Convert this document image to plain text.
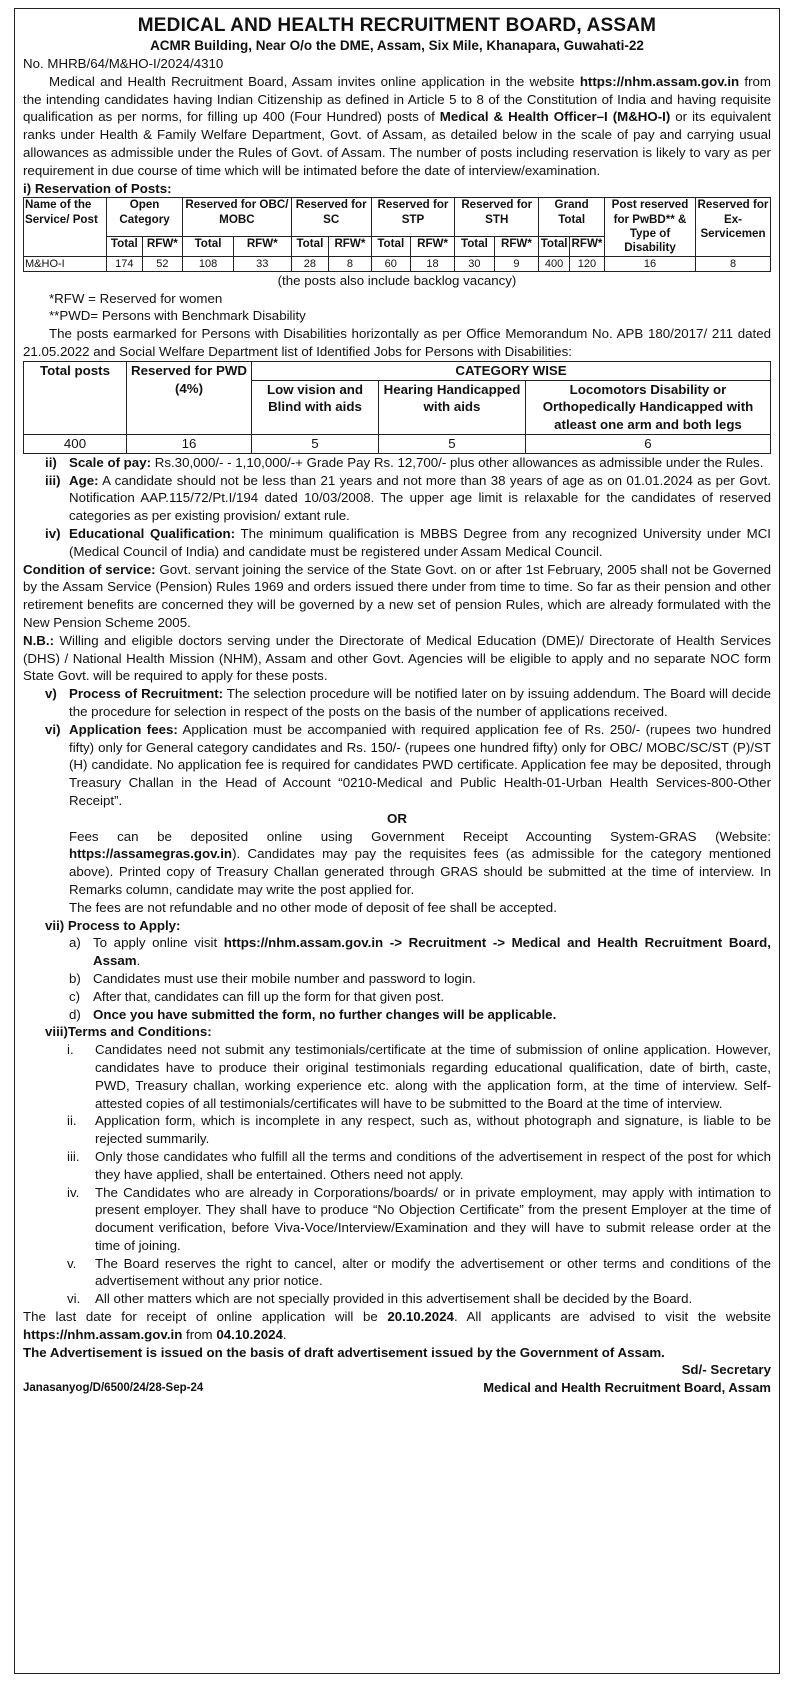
MEDICAL AND HEALTH RECRUITMENT BOARD, ASSAM
ACMR Building, Near O/o the DME, Assam, Six Mile, Khanapara, Guwahati-22

No. MHRB/64/M&HO-I/2024/4310

Medical and Health Recruitment Board, Assam invites online application in the website https://nhm.assam.gov.in from the intending candidates having Indian Citizenship as defined in Article 5 to 8 of the Constitution of India and having requisite qualification as per norms, for filling up 400 (Four Hundred) posts of Medical & Health Officer–I (M&HO-I) or its equivalent ranks under Health & Family Welfare Department, Govt. of Assam, as detailed below in the scale of pay and carrying usual allowances as admissible under the Rules of Govt. of Assam. The number of posts including reservation is likely to vary as per requirement in due course of time which will be intimated before the date of interview/examination.

i) Reservation of Posts:

Name of the Service/ Post	Open Category		Reserved for OBC/ MOBC		Reserved for SC		Reserved for STP		Reserved for STH		Grand Total		Post reserved for PwBD** & Type of Disability	Reserved for Ex-Servicemen
	Total	RFW*	Total	RFW*	Total	RFW*	Total	RFW*	Total	RFW*	Total	RFW*		
M&HO-I	174	52	108	33	28	8	60	18	30	9	400	120	16	8

(the posts also include backlog vacancy)

*RFW = Reserved for women

**PWD= Persons with Benchmark Disability

The posts earmarked for Persons with Disabilities horizontally as per Office Memorandum No. APB 180/2017/ 211 dated 21.05.2022 and Social Welfare Department list of Identified Jobs for Persons with Disabilities:

Total posts	Reserved for PWD (4%)	CATEGORY WISE		
		Low vision and Blind with aids	Hearing Handicapped with aids	Locomotors Disability or Orthopedically Handicapped with atleast one arm and both legs
400	16	5	5	6
ii) Scale of pay: Rs.30,000/- - 1,10,000/-+ Grade Pay Rs. 12,700/- plus other allowances as admissible under the Rules.
iii) Age: A candidate should not be less than 21 years and not more than 38 years of age as on 01.01.2024 as per Govt. Notification AAP.115/72/Pt.I/194 dated 10/03/2008. The upper age limit is relaxable for the candidates of reserved categories as per existing provision/ extant rule.
iv) Educational Qualification: The minimum qualification is MBBS Degree from any recognized University under MCI (Medical Council of India) and candidate must be registered under Assam Medical Council.

Condition of service: Govt. servant joining the service of the State Govt. on or after 1st February, 2005 shall not be Governed by the Assam Service (Pension) Rules 1969 and orders issued there under from time to time. So far as their pension and other retirement benefits are concerned they will be governed by a new set of pension Rules, which are already formulated with the New Pension Scheme 2005.

N.B.: Willing and eligible doctors serving under the Directorate of Medical Education (DME)/ Directorate of Health Services (DHS) / National Health Mission (NHM), Assam and other Govt. Agencies will be eligible to apply and no separate NOC form State Govt. will be required to apply for these posts.

v) Process of Recruitment: The selection procedure will be notified later on by issuing addendum. The Board will decide the procedure for selection in respect of the posts on the basis of the number of applications received.
vi) Application fees: Application must be accompanied with required application fee of Rs. 250/- (rupees two hundred fifty) only for General category candidates and Rs. 150/- (rupees one hundred fifty) only for OBC/ MOBC/SC/ST (P)/ST (H) candidate. No application fee is required for candidates PWD certificate. Application fee may be deposited, through Treasury Challan in the Head of Account “0210-Medical and Public Health-01-Urban Health Services-800-Other Receipt”.

OR

Fees can be deposited online using Government Receipt Accounting System-GRAS (Website: https://assamegras.gov.in). Candidates may pay the requisites fees (as admissible for the category mentioned above). Printed copy of Treasury Challan generated through GRAS should be submitted at the time of interview. In Remarks column, candidate may write the post applied for.

The fees are not refundable and no other mode of deposit of fee shall be accepted.

vii) Process to Apply:

a) To apply online visit https://nhm.assam.gov.in -> Recruitment -> Medical and Health Recruitment Board, Assam.
b) Candidates must use their mobile number and password to login.
c) After that, candidates can fill up the form for that given post.
d) Once you have submitted the form, no further changes will be applicable.

viii)Terms and Conditions:

i.	Candidates need not submit any testimonials/certificate at the time of submission of online application. However, candidates have to produce their original testimonials regarding educational qualification, date of birth, caste, PWD, Treasury challan, working experience etc. along with the application form, at the time of interview. Self-attested copies of all testimonials/certificates will have to be submitted to the Board at the time of interview.
ii.	Application form, which is incomplete in any respect, such as, without photograph and signature, is liable to be rejected summarily.
iii.	Only those candidates who fulfill all the terms and conditions of the advertisement in respect of the post for which they have applied, shall be entertained. Others need not apply.
iv.	The Candidates who are already in Corporations/boards/ or in private employment, may apply with intimation to present employer. They shall have to produce “No Objection Certificate” from the present Employer at the time of document verification, before Viva-Voce/Interview/Examination and they will have to submit release order at the time of joining.
v.	The Board reserves the right to cancel, alter or modify the advertisement or other terms and conditions of the advertisement without any prior notice.
vi.	All other matters which are not specially provided in this advertisement shall be decided by the Board.

The last date for receipt of online application will be 20.10.2024. All applicants are advised to visit the website https://nhm.assam.gov.in from 04.10.2024.

The Advertisement is issued on the basis of draft advertisement issued by the Government of Assam.

Sd/- Secretary

Janasanyog/D/6500/24/28-Sep-24	Medical and Health Recruitment Board, Assam
